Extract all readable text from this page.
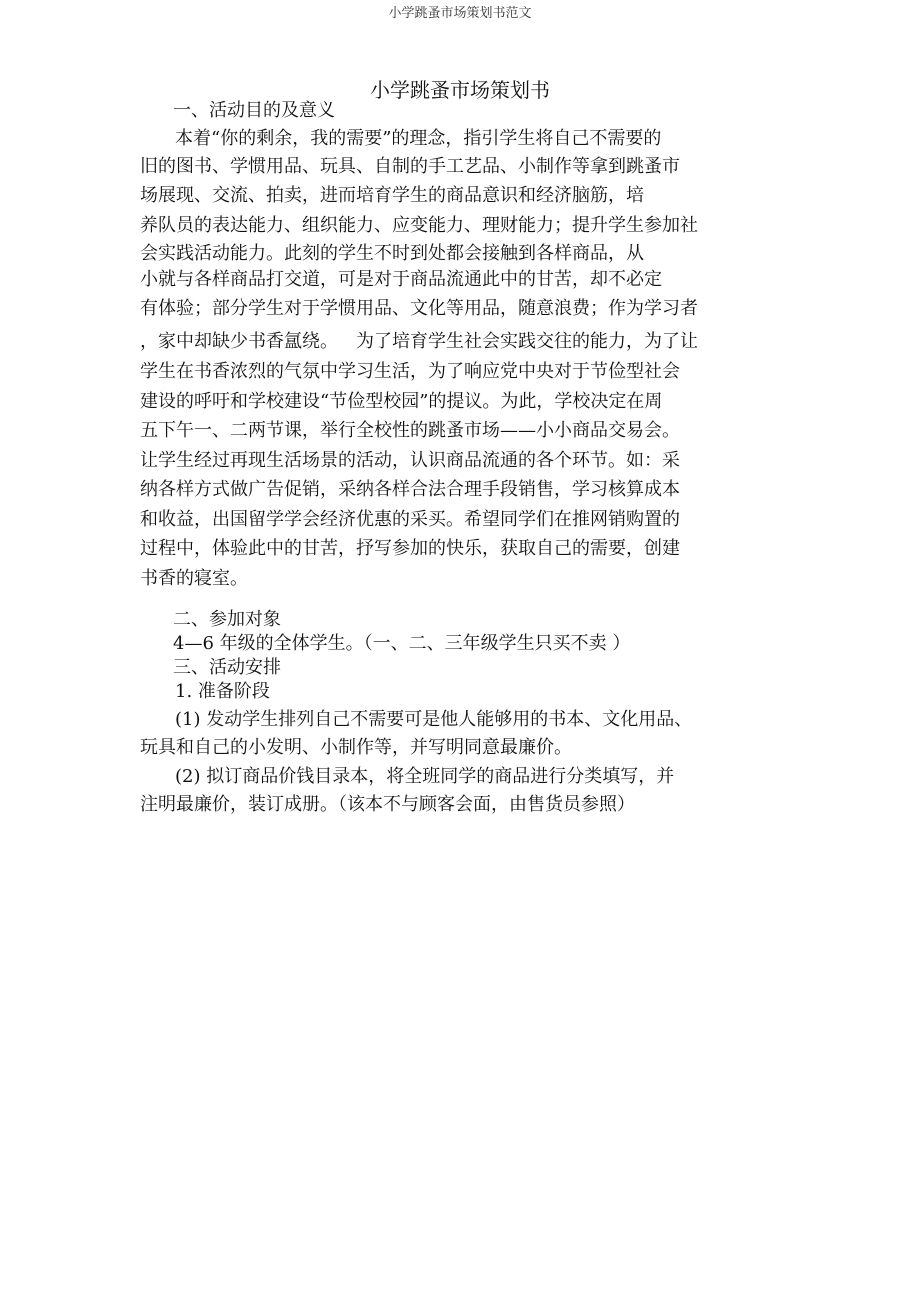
小学跳蚤市场策划书范文
小学跳蚤市场策划书
一、活动目的及意义
本着“你的剩余，我的需要”的理念，指引学生将自己不需要的
旧的图书、学惯用品、玩具、自制的手工艺品、小制作等拿到跳蚤市
场展现、交流、拍卖，进而培育学生的商品意识和经济脑筋，培
养队员的表达能力、组织能力、应变能力、理财能力；提升学生参加社
会实践活动能力。此刻的学生不时到处都会接触到各样商品，从
小就与各样商品打交道，可是对于商品流通此中的甘苦，却不必定
有体验；部分学生对于学惯用品、文化等用品，随意浪费；作为学习者
，家中却缺少书香氲绕。 为了培育学生社会实践交往的能力，为了让
学生在书香浓烈的气氛中学习生活，为了响应党中央对于节俭型社会
建设的呼吁和学校建设“节俭型校园”的提议。为此，学校决定在周
五下午一、二两节课，举行全校性的跳蚤市场——小小商品交易会。
让学生经过再现生活场景的活动，认识商品流通的各个环节。如：采
纳各样方式做广告促销，采纳各样合法合理手段销售，学习核算成本
和收益，出国留学学会经济优惠的采买。希望同学们在推网销购置的
过程中，体验此中的甘苦，抒写参加的快乐，获取自己的需要，创建
书香的寝室。
二、参加对象
4—6 年级的全体学生。（一、二、三年级学生只买不卖 ）
三、活动安排
1. 准备阶段
(1) 发动学生排列自己不需要可是他人能够用的书本、文化用品、
玩具和自己的小发明、小制作等，并写明同意最廉价。
(2) 拟订商品价钱目录本，将全班同学的商品进行分类填写，并
注明最廉价，装订成册。（该本不与顾客会面，由售货员参照）
